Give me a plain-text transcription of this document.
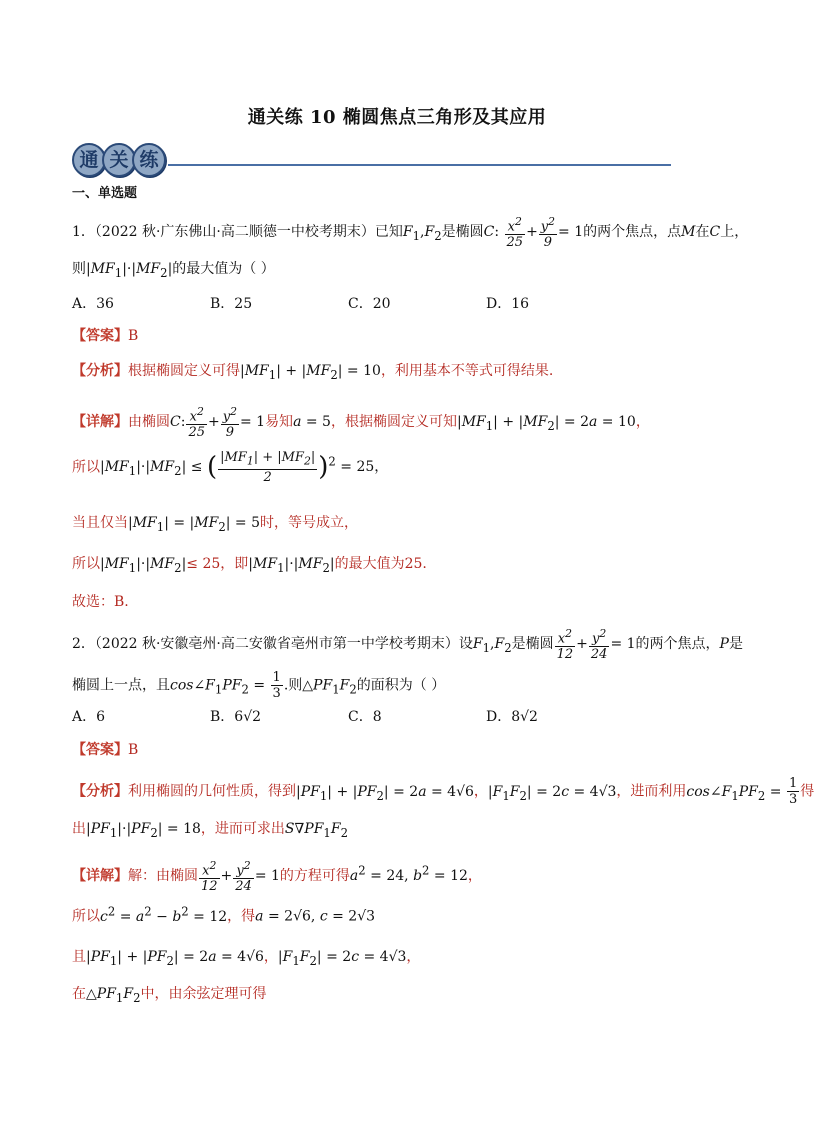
通关练 10 椭圆焦点三角形及其应用
通 关 练
一、单选题
1．（2022 秋·广东佛山·高二顺德一中校考期末）已知$F_1,F_2$是椭圆C: $\frac{x^2}{25} + \frac{y^2}{9} = 1$的两个焦点，点M在C上，
则$|MF_1|\cdot|MF_2|$的最大值为（ ）
A．36	B．25	C．20	D．16
【答案】B
【分析】根据椭圆定义可得$|MF_1| + |MF_2| = 10$，利用基本不等式可得结果.
【详解】由椭圆C: $\frac{x^2}{25} + \frac{y^2}{9} = 1$易知a = 5，根据椭圆定义可知$|MF_1| + |MF_2| = 2a = 10$，
所以$|MF_1|\cdot|MF_2|$ ≤ ( $\frac{|MF_1| + |MF_2|}{2} )^2 = 25$，
当且仅当$|MF_1| = |MF_2| = 5$时，等号成立，
所以$|MF_1|\cdot|MF_2|\le 25$，即$|MF_1|\cdot|MF_2|$的最大值为25.
故选：B.
2．（2022 秋·安徽亳州·高二安徽省亳州市第一中学校考期末）设$F_1,F_2$是椭圆 $\frac{x^2}{12} + \frac{y^2}{24} = 1$的两个焦点，P是
椭圆上一点，且$\cos\angle F_1PF_2 = \frac{1}{3}$ .则$\triangle PF_1F_2$的面积为（ ）
A．6	B．6√2	C．8	D．8√2
【答案】B
【分析】利用椭圆的几何性质，得到$|PF_1| + |PF_2| = 2a = 4√6$，$|F_1F_2| = 2c = 4√3$，进而利用$\cos\angle F_1PF_2 = \frac{1}{3}$ 得
出$|PF_1|\cdot|PF_2| = 18$，进而可求出$S\nabla PF_1F_2$
【详解】解：由椭圆 $\frac{x^2}{12} + \frac{y^2}{24} = 1$的方程可得$a^2 = 24$, $b^2 = 12$，
所以$c^2 = a^2 - b^2 = 12$，得a = 2√6, c = 2√3
且$|PF_1| + |PF_2| = 2a = 4√6$，$|F_1F_2| = 2c = 4√3$，
在$\triangle PF_1F_2$中，由余弦定理可得
